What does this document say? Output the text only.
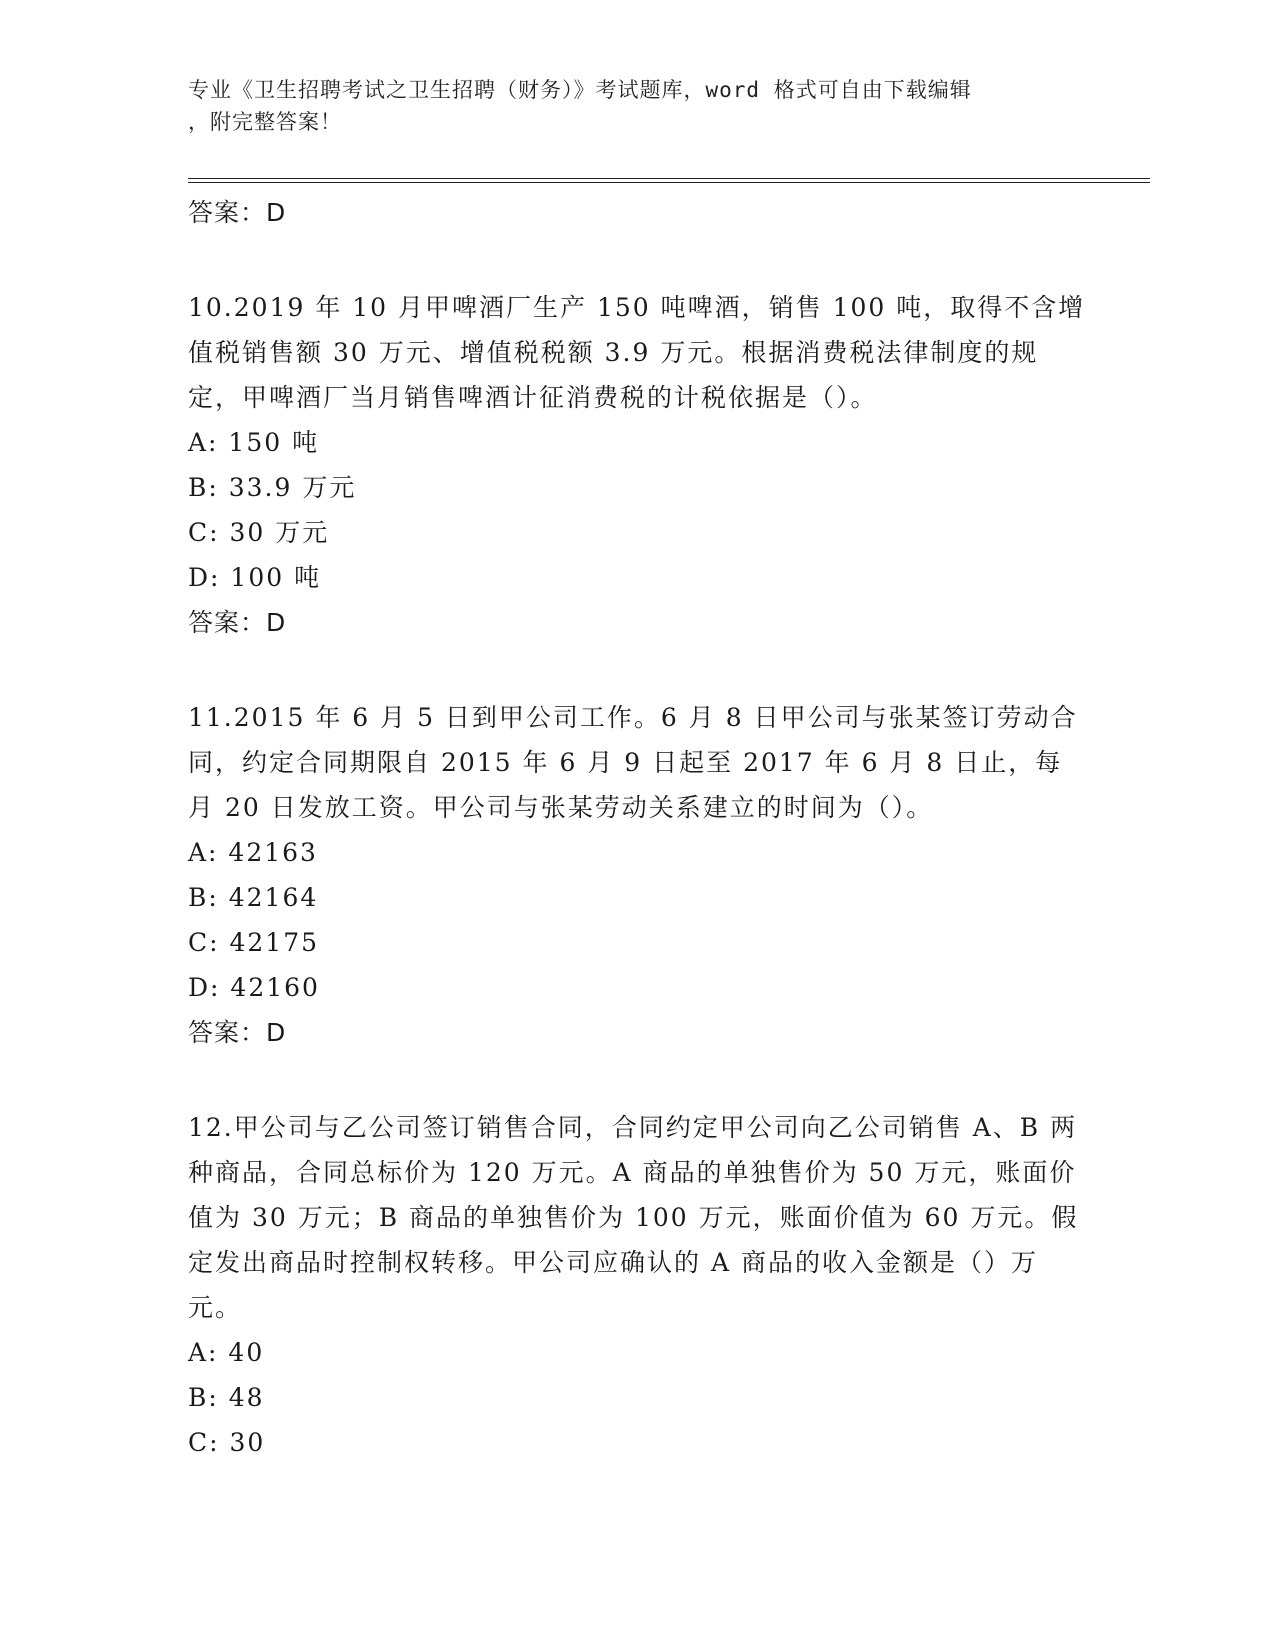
专业《卫生招聘考试之卫生招聘（财务）》考试题库，word 格式可自由下载编辑
，附完整答案！
答案：D
10.2019 年 10 月甲啤酒厂生产 150 吨啤酒，销售 100 吨，取得不含增值税销售额 30 万元、增值税税额 3.9 万元。根据消费税法律制度的规定，甲啤酒厂当月销售啤酒计征消费税的计税依据是（）。
A: 150 吨
B: 33.9 万元
C: 30 万元
D: 100 吨
答案：D
11.2015 年 6 月 5 日到甲公司工作。6 月 8 日甲公司与张某签订劳动合同，约定合同期限自 2015 年 6 月 9 日起至 2017 年 6 月 8 日止，每月 20 日发放工资。甲公司与张某劳动关系建立的时间为（）。
A: 42163
B: 42164
C: 42175
D: 42160
答案：D
12.甲公司与乙公司签订销售合同，合同约定甲公司向乙公司销售 A、B 两种商品，合同总标价为 120 万元。A 商品的单独售价为 50 万元，账面价值为 30 万元；B 商品的单独售价为 100 万元，账面价值为 60 万元。假定发出商品时控制权转移。甲公司应确认的 A 商品的收入金额是（）万元。
A: 40
B: 48
C: 30
